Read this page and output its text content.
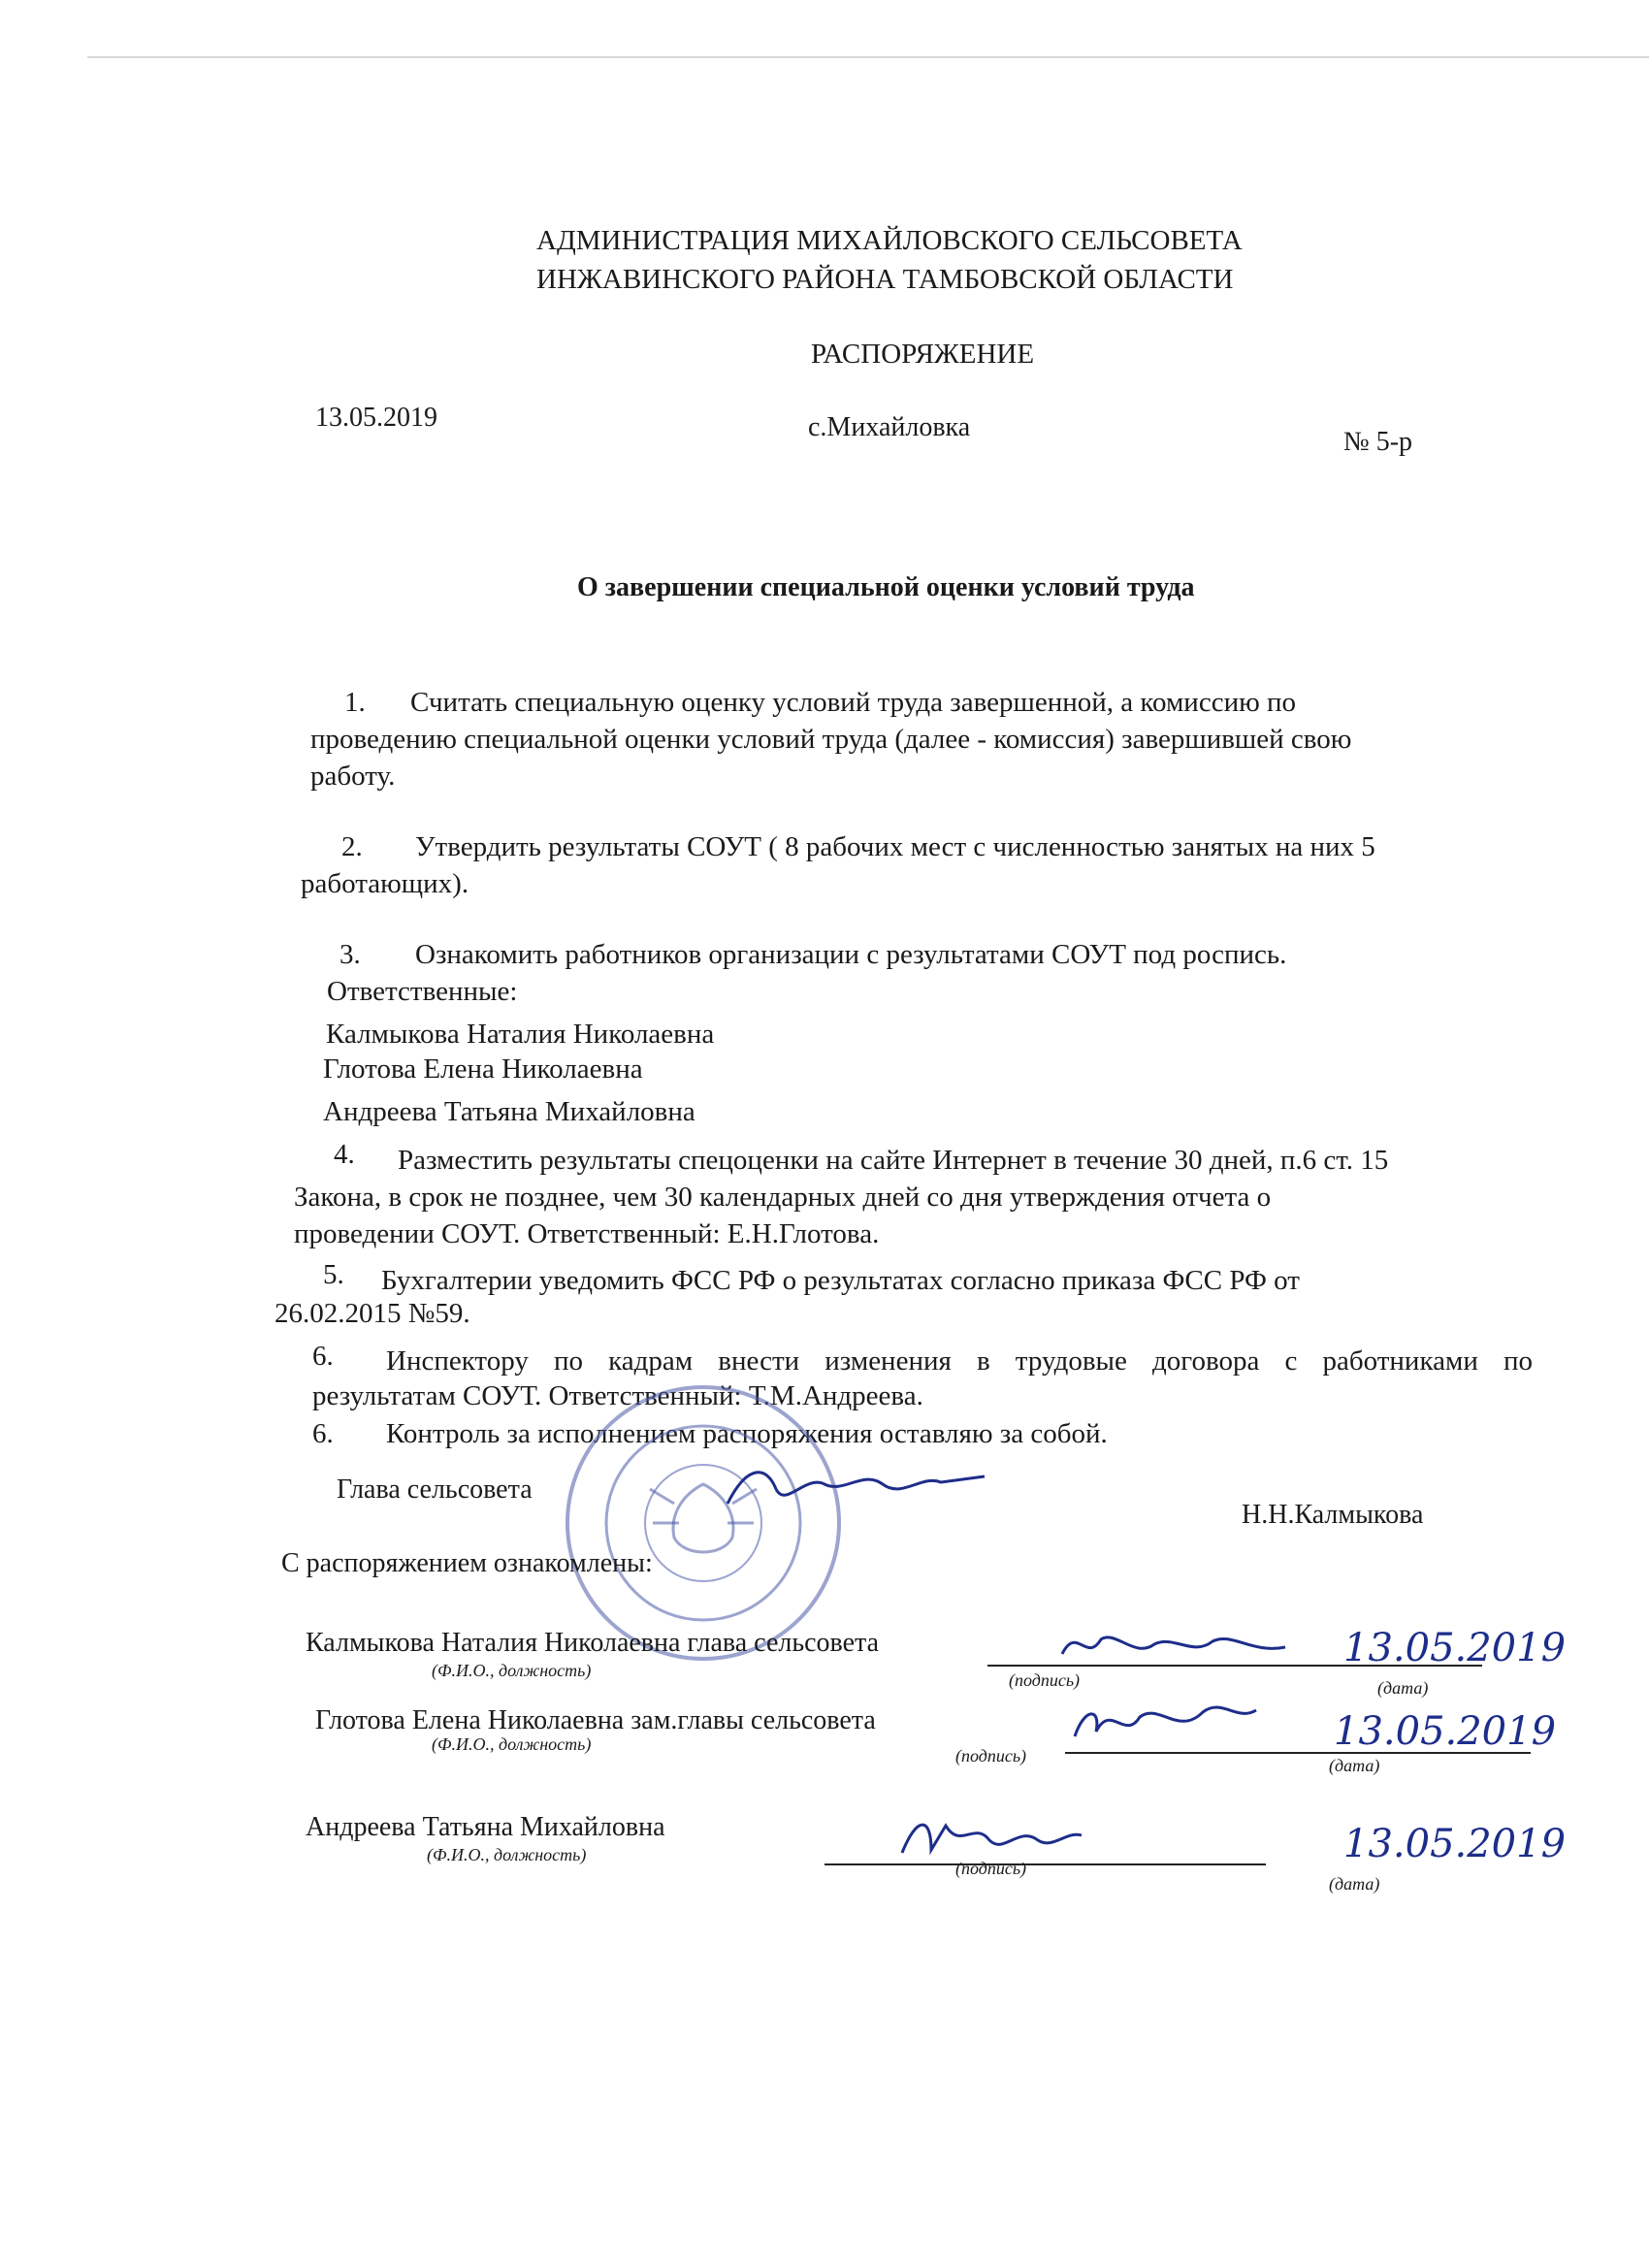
АДМИНИСТРАЦИЯ МИХАЙЛОВСКОГО СЕЛЬСОВЕТА
ИНЖАВИНСКОГО РАЙОНА ТАМБОВСКОЙ ОБЛАСТИ
РАСПОРЯЖЕНИЕ
13.05.2019	с.Михайловка	№ 5-р
О завершении специальной оценки условий труда
1. Считать специальную оценку условий труда завершенной, а комиссию по
проведению специальной оценки условий труда (далее - комиссия) завершившей свою
работу.
2. Утвердить результаты СОУТ ( 8 рабочих мест с численностью занятых на них 5
работающих).
3. Ознакомить работников организации с результатами СОУТ под роспись.
Ответственные:
Калмыкова Наталия Николаевна
Глотова Елена Николаевна
Андреева Татьяна Михайловна
4. Разместить результаты спецоценки на сайте Интернет в течение 30 дней, п.6 ст. 15
Закона, в срок не позднее, чем 30 календарных дней со дня утверждения отчета о
проведении СОУТ. Ответственный: Е.Н.Глотова.
5. Бухгалтерии уведомить ФСС РФ о результатах согласно приказа ФСС РФ от
26.02.2015 №59.
6. Инспектору по кадрам внести изменения в трудовые договора с работниками по
результатам СОУТ. Ответственный: Т.М.Андреева.
6. Контроль за исполнением распоряжения оставляю за собой.
Глава сельсовета
Н.Н.Калмыкова
С распоряжением ознакомлены:
Калмыкова Наталия Николаевна глава сельсовета
(Ф.И.О., должность)	(подпись)	(дата)
13.05.2019
Глотова Елена Николаевна зам.главы сельсовета
(Ф.И.О., должность)
(подпись)	(дата)
13.05.2019
Андреева Татьяна Михайловна
(Ф.И.О., должность)
(подпись)
(дата)
13.05.2019
